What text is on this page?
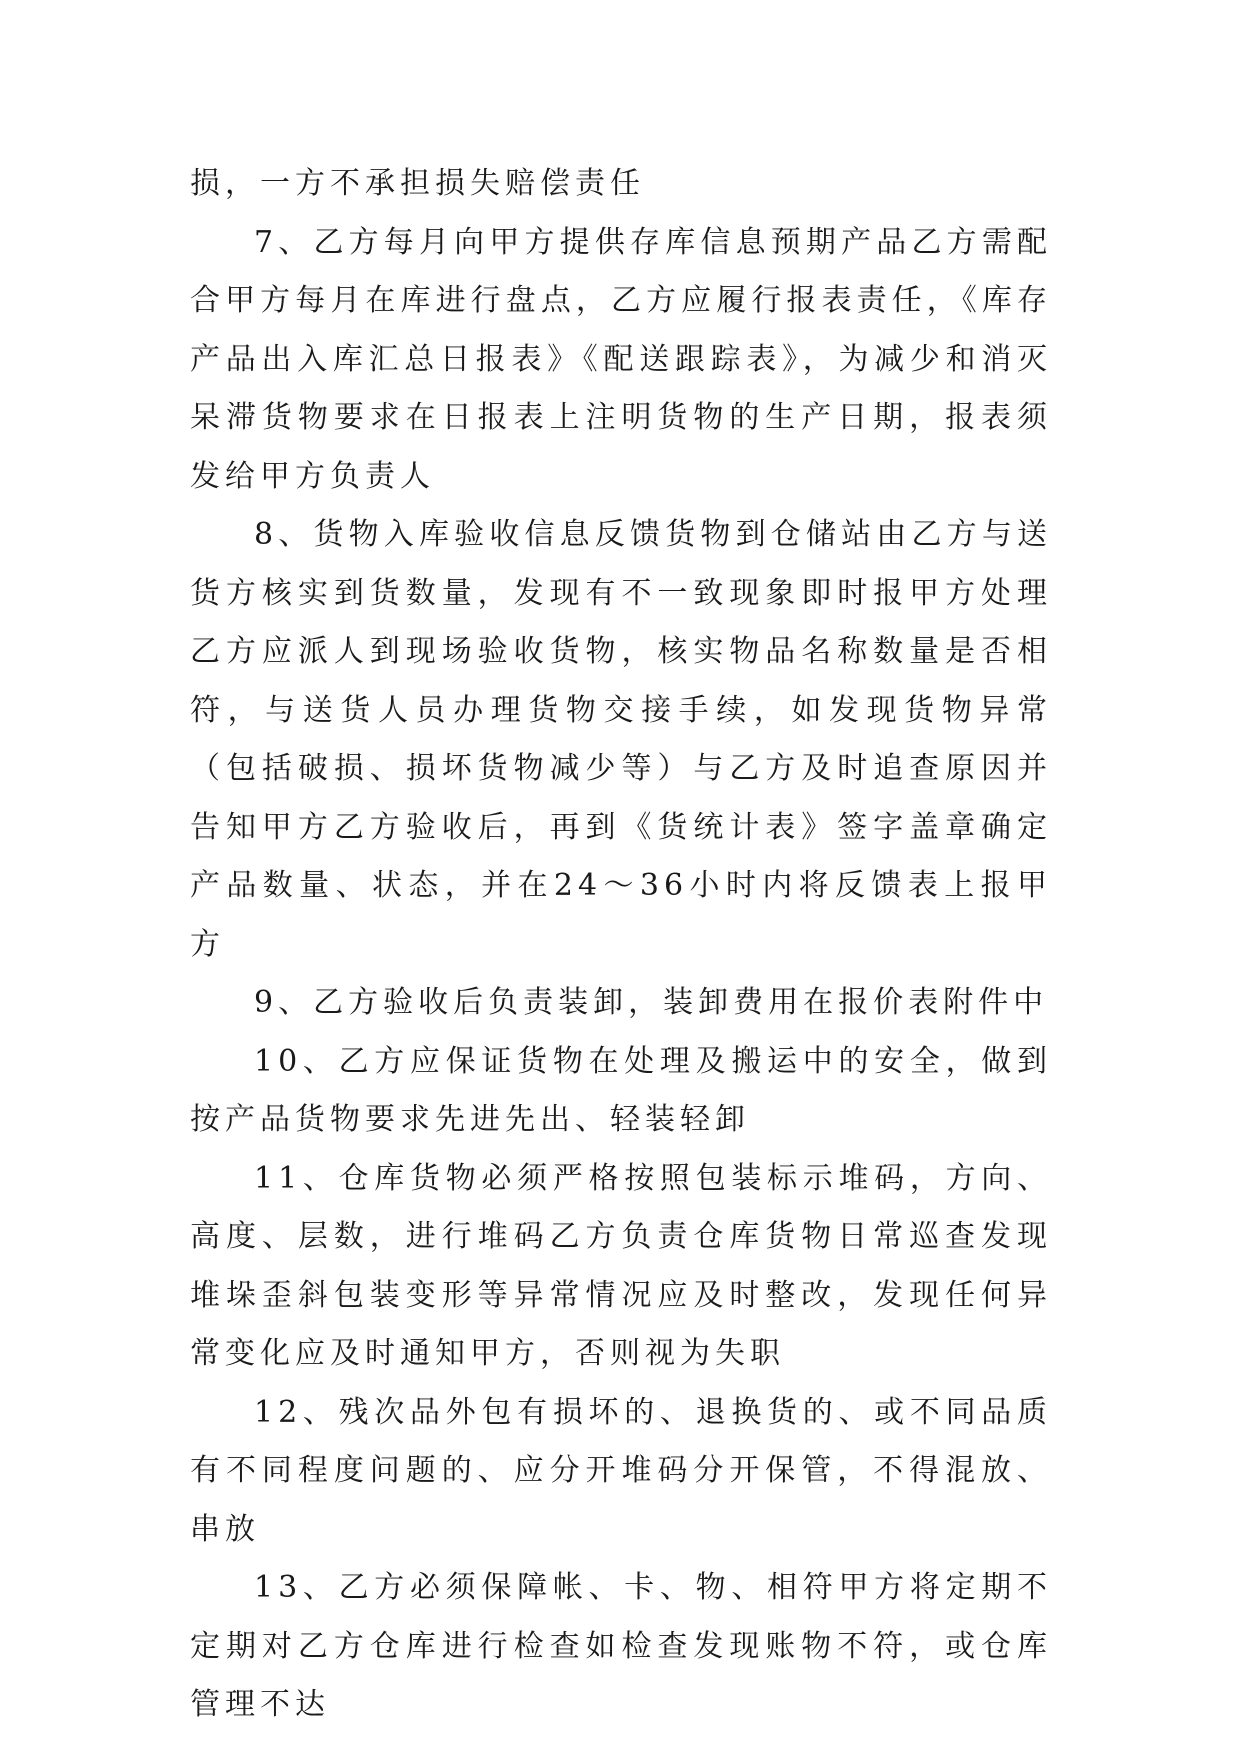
损，一方不承担损失赔偿责任

7、乙方每月向甲方提供存库信息预期产品乙方需配合甲方每月在库进行盘点，乙方应履行报表责任，《库存产品出入库汇总日报表》《配送跟踪表》，为减少和消灭呆滞货物要求在日报表上注明货物的生产日期，报表须发给甲方负责人

8、货物入库验收信息反馈货物到仓储站由乙方与送货方核实到货数量，发现有不一致现象即时报甲方处理乙方应派人到现场验收货物，核实物品名称数量是否相符，与送货人员办理货物交接手续，如发现货物异常（包括破损、损坏货物减少等）与乙方及时追查原因并告知甲方乙方验收后，再到《货统计表》签字盖章确定产品数量、状态，并在24～36小时内将反馈表上报甲方

9、乙方验收后负责装卸，装卸费用在报价表附件中

10、乙方应保证货物在处理及搬运中的安全，做到按产品货物要求先进先出、轻装轻卸

11、仓库货物必须严格按照包装标示堆码，方向、高度、层数，进行堆码乙方负责仓库货物日常巡查发现堆垛歪斜包装变形等异常情况应及时整改，发现任何异常变化应及时通知甲方，否则视为失职

12、残次品外包有损坏的、退换货的、或不同品质有不同程度问题的、应分开堆码分开保管，不得混放、串放

13、乙方必须保障帐、卡、物、相符甲方将定期不定期对乙方仓库进行检查如检查发现账物不符，或仓库管理不达
